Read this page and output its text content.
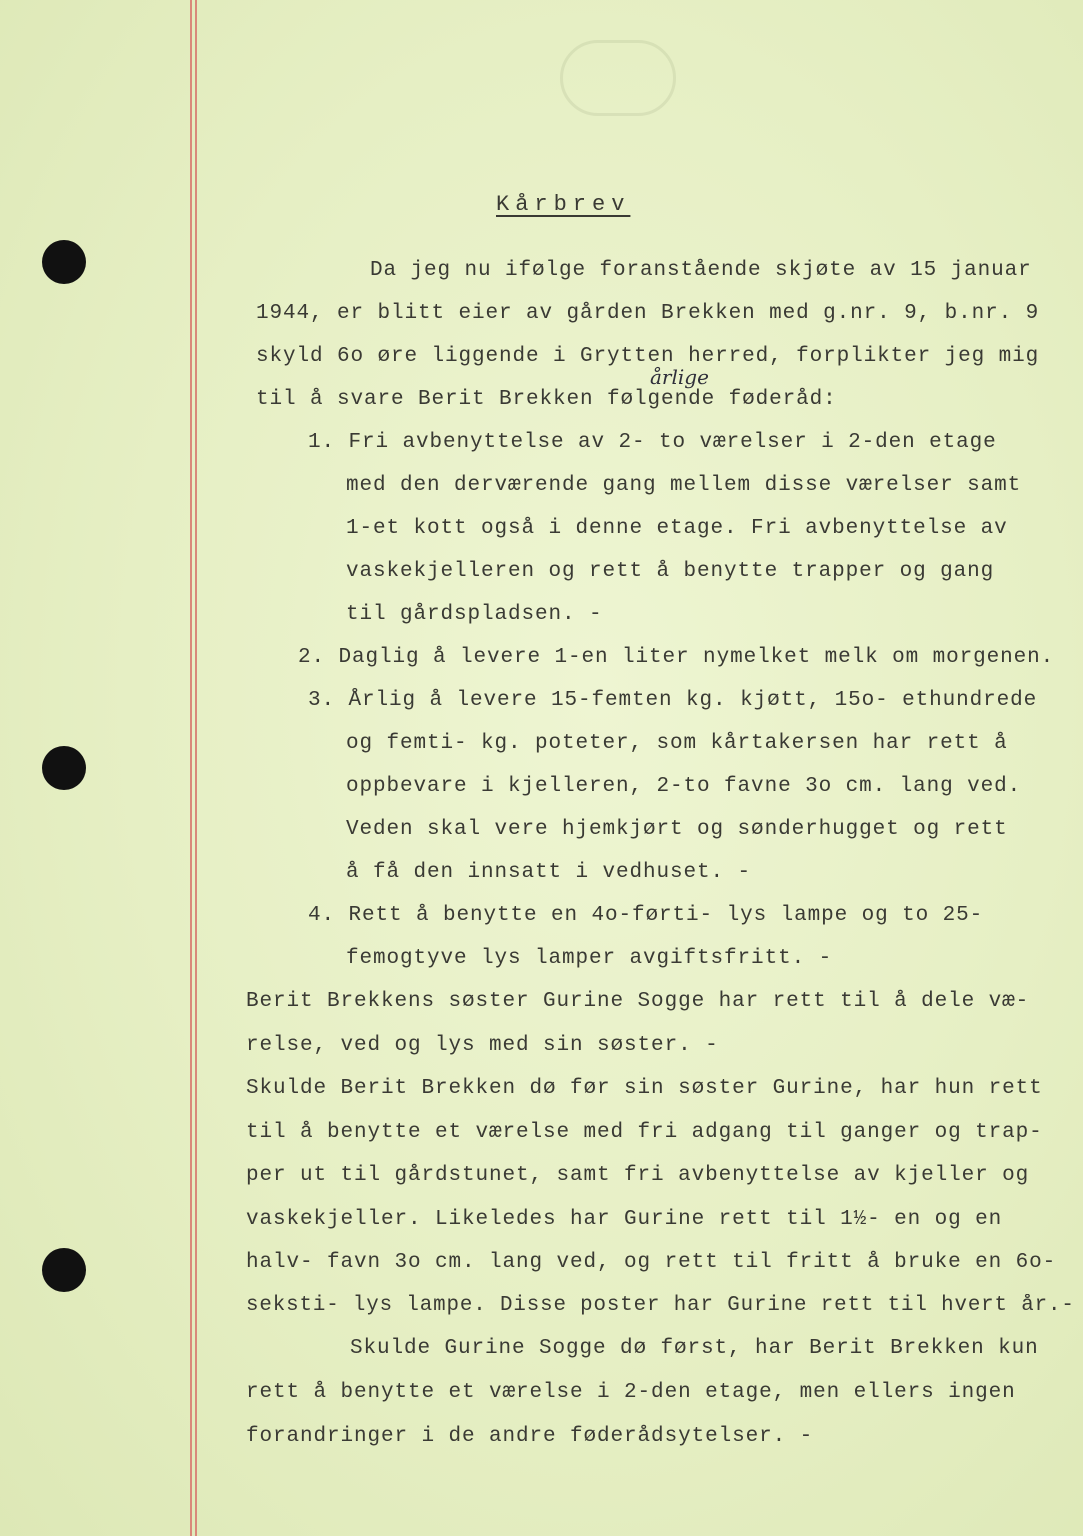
Kårbrev
årlige
Da jeg nu ifølge foranstående skjøte av 15 januar
1944, er blitt eier av gården Brekken med g.nr. 9, b.nr. 9
skyld 6o øre liggende i Grytten herred, forplikter jeg mig
til å svare Berit Brekken følgende føderåd:
1. Fri avbenyttelse av 2- to værelser i 2-den etage
med den derværende gang mellem disse værelser samt
1-et kott også i denne etage. Fri avbenyttelse av
vaskekjelleren og rett å benytte trapper og gang
til gårdspladsen. -
2. Daglig å levere 1-en liter nymelket melk om morgenen.
3. Årlig å levere 15-femten kg. kjøtt, 15o- ethundrede
og femti- kg. poteter, som kårtakersen har rett å
oppbevare i kjelleren, 2-to favne 3o cm. lang ved.
Veden skal vere hjemkjørt og sønderhugget og rett
å få den innsatt i vedhuset. -
4. Rett å benytte en 4o-førti- lys lampe og to 25-
femogtyve lys lamper avgiftsfritt. -
Berit Brekkens søster Gurine Sogge har rett til å dele væ-
relse, ved og lys med sin søster. -
Skulde Berit Brekken dø før sin søster Gurine, har hun rett
til å benytte et værelse med fri adgang til ganger og trap-
per ut til gårdstunet, samt fri avbenyttelse av kjeller og
vaskekjeller. Likeledes har Gurine rett til 1½- en og en
halv- favn 3o cm. lang ved, og rett til fritt å bruke en 6o-
seksti- lys lampe. Disse poster har Gurine rett til hvert år.-
Skulde Gurine Sogge dø først, har Berit Brekken kun
rett å benytte et værelse i 2-den etage, men ellers ingen
forandringer i de andre føderådsytelser. -
